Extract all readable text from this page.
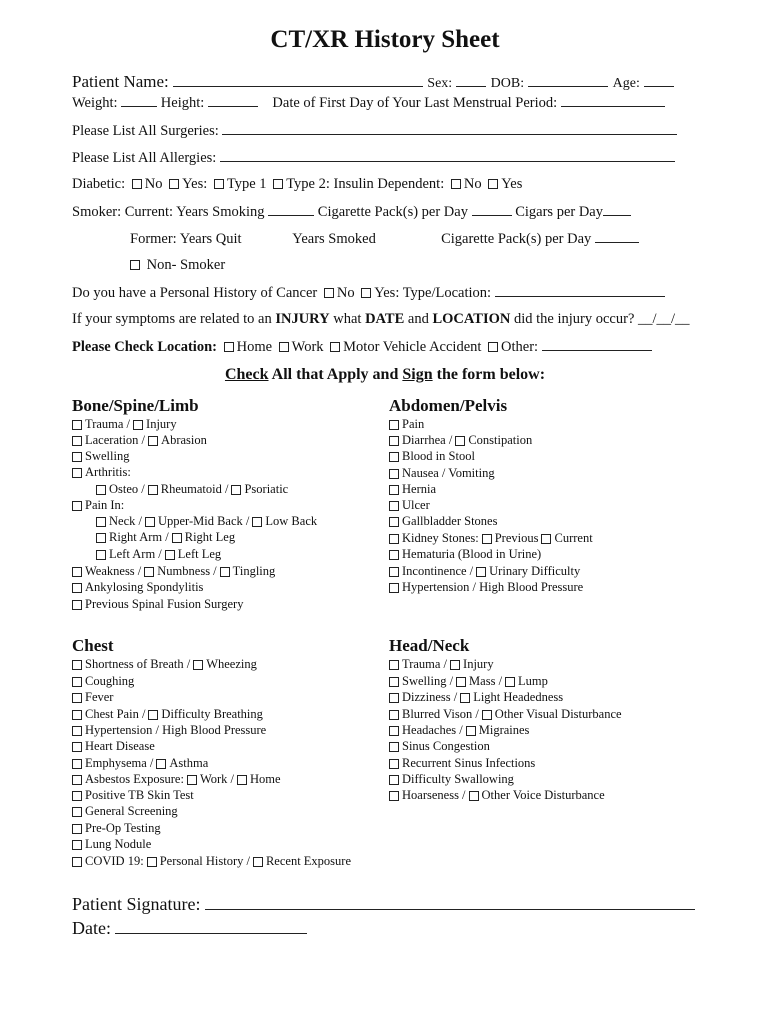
CT/XR History Sheet
Patient Name:	Sex:	DOB:	Age:
Weight:	Height:	Date of First Day of Your Last Menstrual Period:
Please List All Surgeries:
Please List All Allergies:
Diabetic: No Yes: Type 1 Type 2: Insulin Dependent: No Yes
Smoker: Current: Years Smoking	Cigarette Pack(s) per Day	Cigars per Day
Former: Years Quit	Years Smoked	Cigarette Pack(s) per Day
Non- Smoker
Do you have a Personal History of Cancer No Yes: Type/Location:
If your symptoms are related to an INJURY what DATE and LOCATION did the injury occur? __/__/__
Please Check Location: Home Work Motor Vehicle Accident Other:
Check All that Apply and Sign the form below:
Bone/Spine/Limb
Trauma / Injury
Laceration / Abrasion
Swelling
Arthritis:
Osteo / Rheumatoid / Psoriatic
Pain In:
Neck / Upper-Mid Back / Low Back
Right Arm / Right Leg
Left Arm / Left Leg
Weakness / Numbness / Tingling
Ankylosing Spondylitis
Previous Spinal Fusion Surgery
Abdomen/Pelvis
Pain
Diarrhea / Constipation
Blood in Stool
Nausea / Vomiting
Hernia
Ulcer
Gallbladder Stones
Kidney Stones: Previous Current
Hematuria (Blood in Urine)
Incontinence / Urinary Difficulty
Hypertension / High Blood Pressure
Chest
Shortness of Breath / Wheezing
Coughing
Fever
Chest Pain / Difficulty Breathing
Hypertension / High Blood Pressure
Heart Disease
Emphysema / Asthma
Asbestos Exposure: Work / Home
Positive TB Skin Test
General Screening
Pre-Op Testing
Lung Nodule
COVID 19: Personal History / Recent Exposure
Head/Neck
Trauma / Injury
Swelling / Mass / Lump
Dizziness / Light Headedness
Blurred Vison / Other Visual Disturbance
Headaches / Migraines
Sinus Congestion
Recurrent Sinus Infections
Difficulty Swallowing
Hoarseness / Other Voice Disturbance
Patient Signature:
Date:
